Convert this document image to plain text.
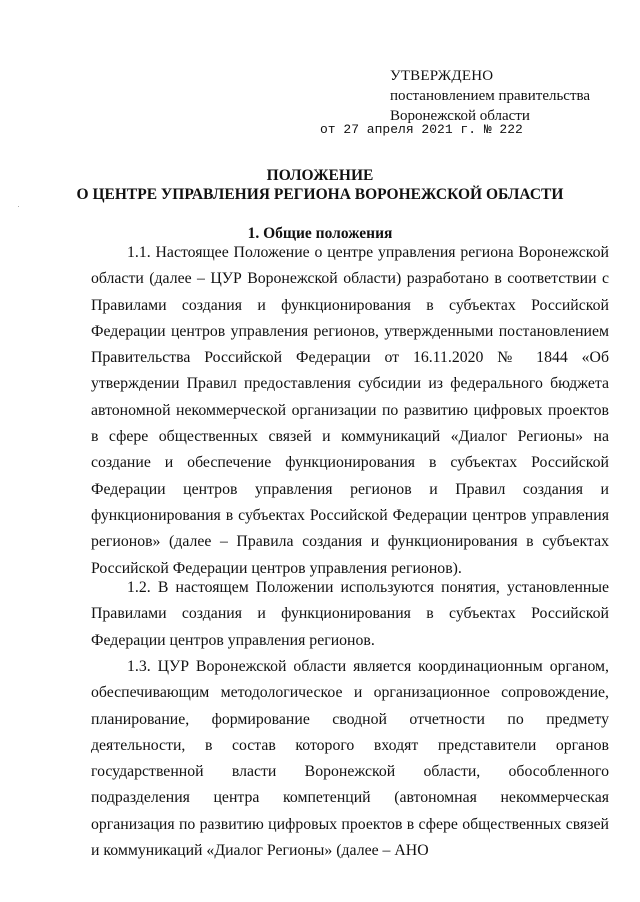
УТВЕРЖДЕНО
постановлением правительства
Воронежской области
от 27 апреля 2021 г. № 222
ПОЛОЖЕНИЕ
О ЦЕНТРЕ УПРАВЛЕНИЯ РЕГИОНА ВОРОНЕЖСКОЙ ОБЛАСТИ
1. Общие положения
1.1. Настоящее Положение о центре управления региона Воронежской области (далее – ЦУР Воронежской области) разработано в соответствии с Правилами создания и функционирования в субъектах Российской Федерации центров управления регионов, утвержденными постановлением Правительства Российской Федерации от 16.11.2020 № 1844 «Об утверждении Правил предоставления субсидии из федерального бюджета автономной некоммерческой организации по развитию цифровых проектов в сфере общественных связей и коммуникаций «Диалог Регионы» на создание и обеспечение функционирования в субъектах Российской Федерации центров управления регионов и Правил создания и функционирования в субъектах Российской Федерации центров управления регионов» (далее – Правила создания и функционирования в субъектах Российской Федерации центров управления регионов).
1.2. В настоящем Положении используются понятия, установленные Правилами создания и функционирования в субъектах Российской Федерации центров управления регионов.
1.3. ЦУР Воронежской области является координационным органом, обеспечивающим методологическое и организационное сопровождение, планирование, формирование сводной отчетности по предмету деятельности, в состав которого входят представители органов государственной власти Воронежской области, обособленного подразделения центра компетенций (автономная некоммерческая организация по развитию цифровых проектов в сфере общественных связей и коммуникаций «Диалог Регионы» (далее – АНО
